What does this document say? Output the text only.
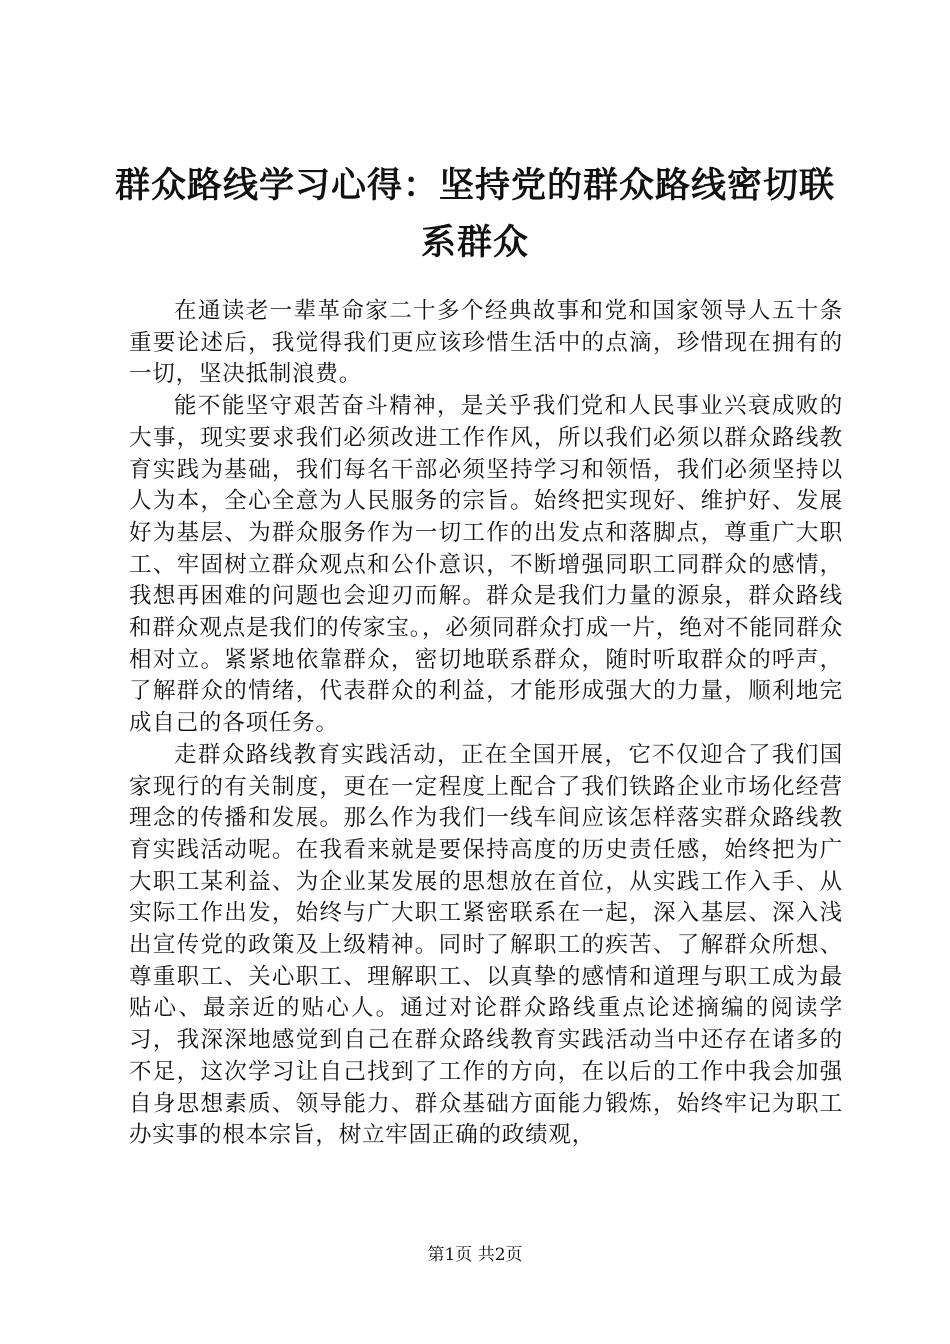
群众路线学习心得：坚持党的群众路线密切联系群众

在通读老一辈革命家二十多个经典故事和党和国家领导人五十条重要论述后，我觉得我们更应该珍惜生活中的点滴，珍惜现在拥有的一切，坚决抵制浪费。

能不能坚守艰苦奋斗精神，是关乎我们党和人民事业兴衰成败的大事，现实要求我们必须改进工作作风，所以我们必须以群众路线教育实践为基础，我们每名干部必须坚持学习和领悟，我们必须坚持以人为本，全心全意为人民服务的宗旨。始终把实现好、维护好、发展好为基层、为群众服务作为一切工作的出发点和落脚点，尊重广大职工、牢固树立群众观点和公仆意识，不断增强同职工同群众的感情，我想再困难的问题也会迎刃而解。群众是我们力量的源泉，群众路线和群众观点是我们的传家宝。，必须同群众打成一片，绝对不能同群众相对立。紧紧地依靠群众，密切地联系群众，随时听取群众的呼声，了解群众的情绪，代表群众的利益，才能形成强大的力量，顺利地完成自己的各项任务。

走群众路线教育实践活动，正在全国开展，它不仅迎合了我们国家现行的有关制度，更在一定程度上配合了我们铁路企业市场化经营理念的传播和发展。那么作为我们一线车间应该怎样落实群众路线教育实践活动呢。在我看来就是要保持高度的历史责任感，始终把为广大职工某利益、为企业某发展的思想放在首位，从实践工作入手、从实际工作出发，始终与广大职工紧密联系在一起，深入基层、深入浅出宣传党的政策及上级精神。同时了解职工的疾苦、了解群众所想、尊重职工、关心职工、理解职工、以真挚的感情和道理与职工成为最贴心、最亲近的贴心人。通过对论群众路线重点论述摘编的阅读学习，我深深地感觉到自己在群众路线教育实践活动当中还存在诸多的不足，这次学习让自己找到了工作的方向，在以后的工作中我会加强自身思想素质、领导能力、群众基础方面能力锻炼，始终牢记为职工办实事的根本宗旨，树立牢固正确的政绩观，

第1页 共2页
